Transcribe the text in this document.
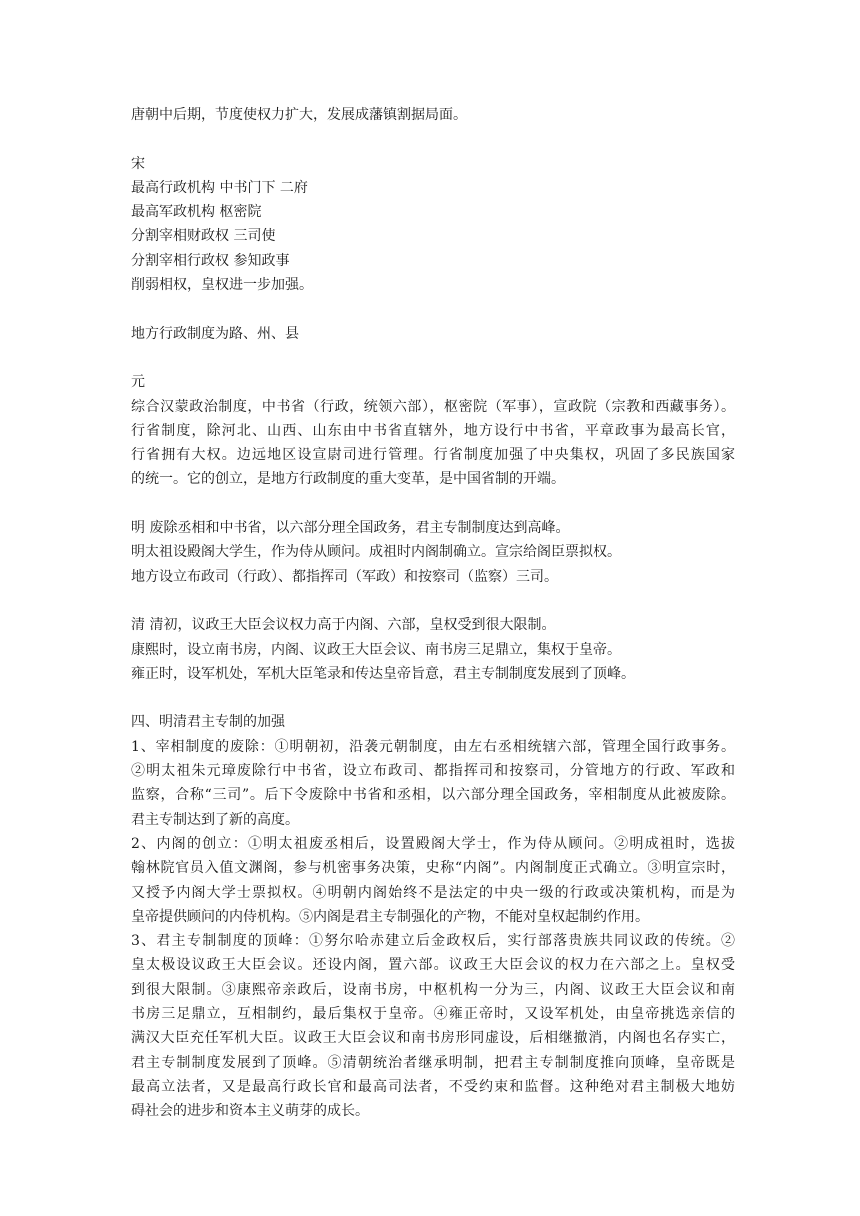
唐朝中后期，节度使权力扩大，发展成藩镇割据局面。
宋
最高行政机构 中书门下 二府
最高军政机构 枢密院
分割宰相财政权 三司使
分割宰相行政权 参知政事
削弱相权，皇权进一步加强。
地方行政制度为路、州、县
元
综合汉蒙政治制度，中书省（行政，统领六部），枢密院（军事），宣政院（宗教和西藏事务）。
行省制度，除河北、山西、山东由中书省直辖外，地方设行中书省，平章政事为最高长官，
行省拥有大权。边远地区设宣尉司进行管理。行省制度加强了中央集权，巩固了多民族国家
的统一。它的创立，是地方行政制度的重大变革，是中国省制的开端。
明 废除丞相和中书省，以六部分理全国政务，君主专制制度达到高峰。
明太祖设殿阁大学生，作为侍从顾问。成祖时内阁制确立。宣宗给阁臣票拟权。
地方设立布政司（行政）、都指挥司（军政）和按察司（监察）三司。
清 清初，议政王大臣会议权力高于内阁、六部，皇权受到很大限制。
康熙时，设立南书房，内阁、议政王大臣会议、南书房三足鼎立，集权于皇帝。
雍正时，设军机处，军机大臣笔录和传达皇帝旨意，君主专制制度发展到了顶峰。
四、明清君主专制的加强
1、宰相制度的废除：①明朝初，沿袭元朝制度，由左右丞相统辖六部，管理全国行政事务。
②明太祖朱元璋废除行中书省，设立布政司、都指挥司和按察司，分管地方的行政、军政和
监察，合称“三司”。后下令废除中书省和丞相，以六部分理全国政务，宰相制度从此被废除。
君主专制达到了新的高度。
2、内阁的创立：①明太祖废丞相后，设置殿阁大学士，作为侍从顾问。②明成祖时，选拔
翰林院官员入值文渊阁，参与机密事务决策，史称“内阁”。内阁制度正式确立。③明宣宗时，
又授予内阁大学士票拟权。④明朝内阁始终不是法定的中央一级的行政或决策机构，而是为
皇帝提供顾问的内侍机构。⑤内阁是君主专制强化的产物，不能对皇权起制约作用。
3、君主专制制度的顶峰：①努尔哈赤建立后金政权后，实行部落贵族共同议政的传统。②
皇太极设议政王大臣会议。还设内阁，置六部。议政王大臣会议的权力在六部之上。皇权受
到很大限制。③康熙帝亲政后，设南书房，中枢机构一分为三，内阁、议政王大臣会议和南
书房三足鼎立，互相制约，最后集权于皇帝。④雍正帝时，又设军机处，由皇帝挑选亲信的
满汉大臣充任军机大臣。议政王大臣会议和南书房形同虚设，后相继撤消，内阁也名存实亡，
君主专制制度发展到了顶峰。⑤清朝统治者继承明制，把君主专制制度推向顶峰，皇帝既是
最高立法者，又是最高行政长官和最高司法者，不受约束和监督。这种绝对君主制极大地妨
碍社会的进步和资本主义萌芽的成长。
